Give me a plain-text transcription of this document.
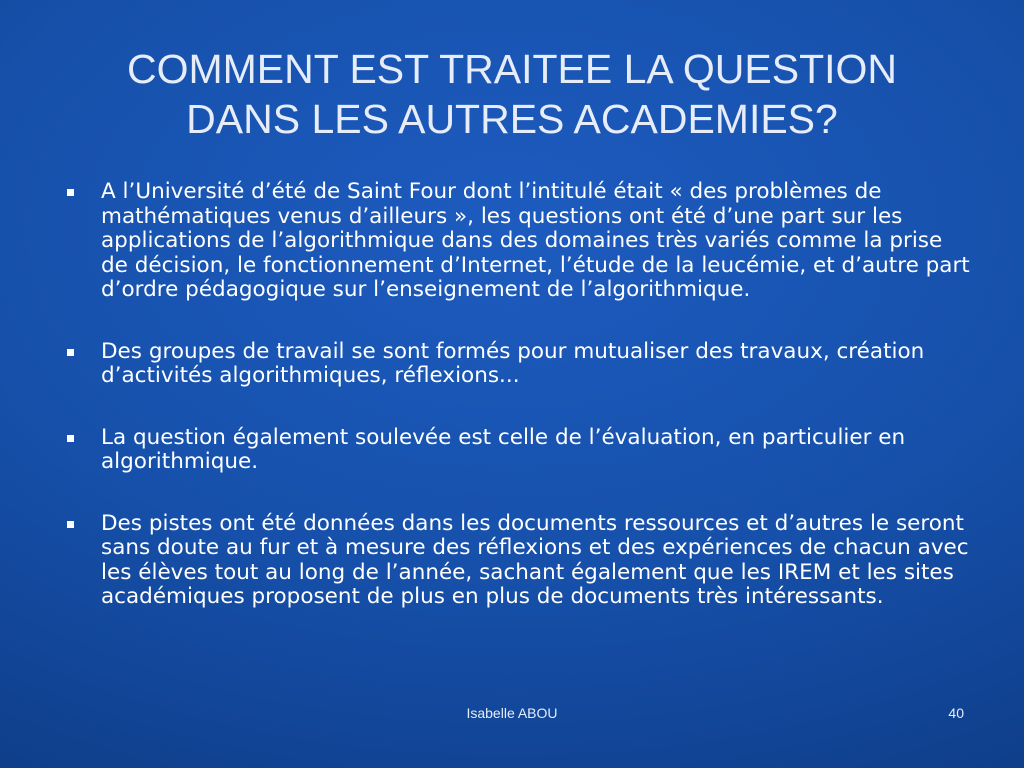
COMMENT EST TRAITEE LA QUESTION
DANS LES AUTRES ACADEMIES?
A l’Université d’été de Saint Four dont l’intitulé était « des problèmes de mathématiques venus d’ailleurs », les questions ont été d’une part sur les applications de l’algorithmique dans des domaines très variés comme la prise de décision, le fonctionnement d’Internet, l’étude de la leucémie, et d’autre part d’ordre pédagogique sur l’enseignement de l’algorithmique.
Des groupes de travail se sont formés pour mutualiser des travaux, création d’activités algorithmiques, réflexions...
La question également soulevée est celle de l’évaluation, en particulier en algorithmique.
Des pistes ont été données dans les documents ressources et d’autres le seront sans doute au fur et à mesure des réflexions et des expériences de chacun avec les élèves tout au long de l’année, sachant également que les IREM et les sites académiques proposent de plus en plus de documents très intéressants.
Isabelle ABOU	40
